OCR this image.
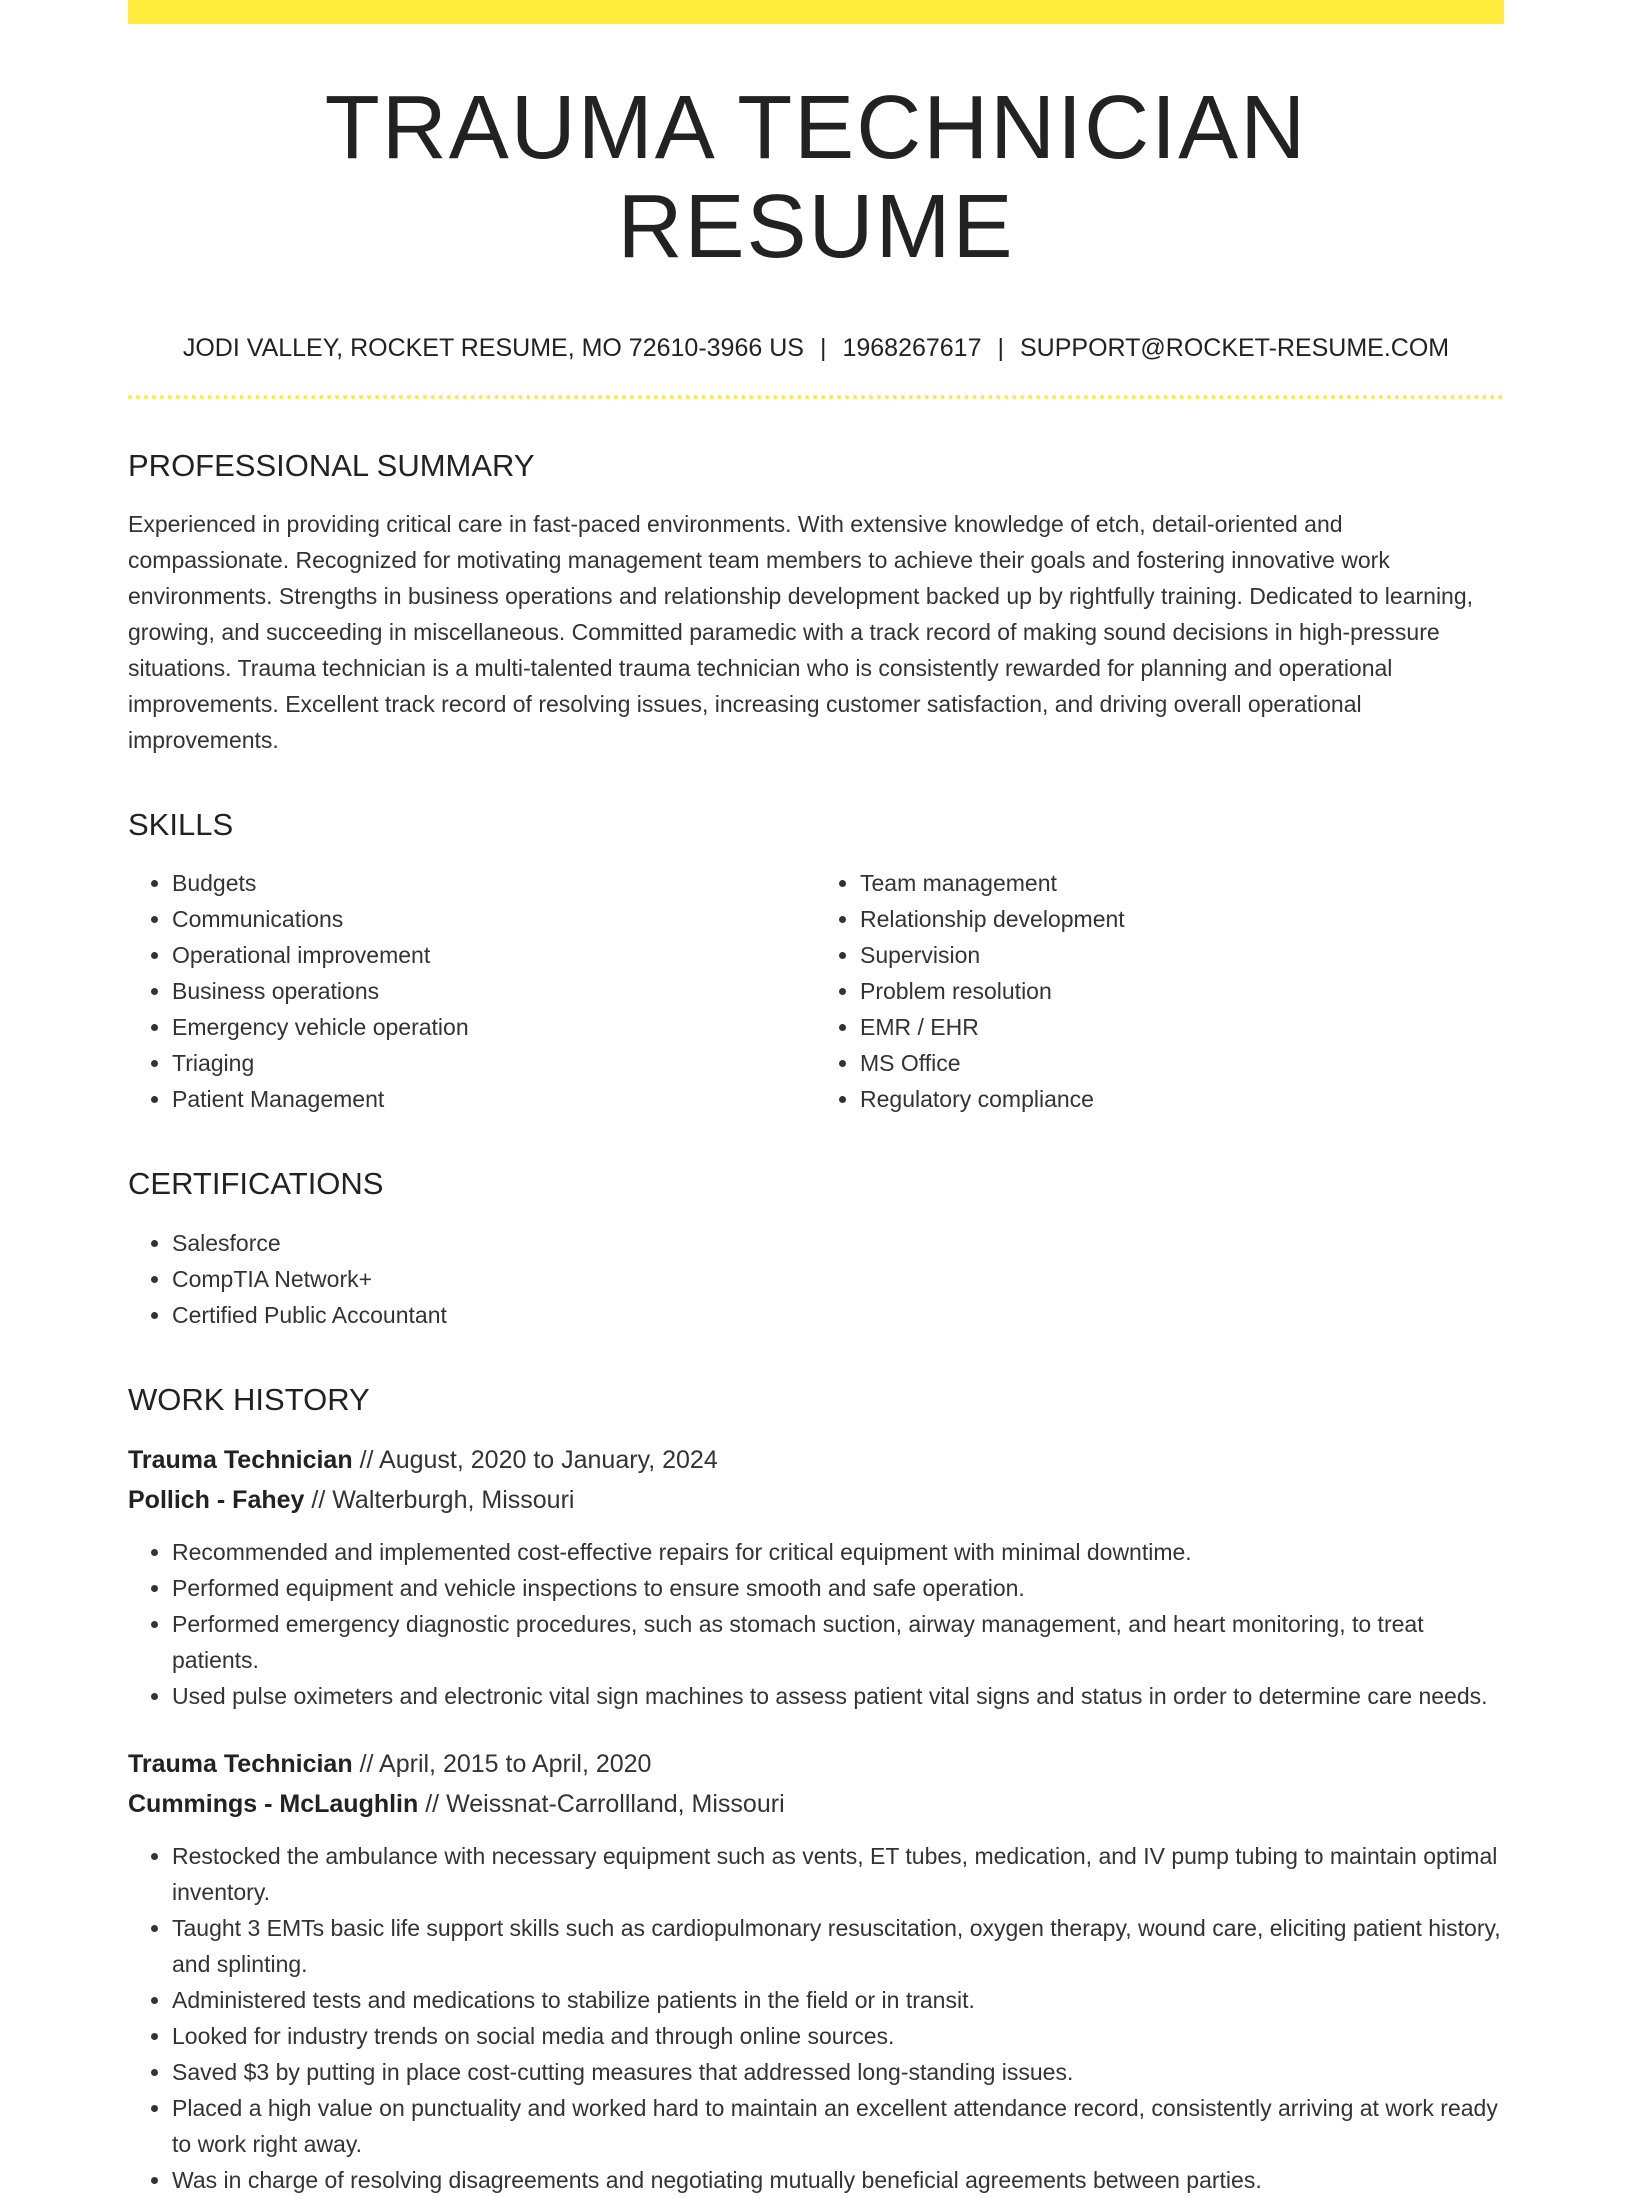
TRAUMA TECHNICIAN RESUME
JODI VALLEY, ROCKET RESUME, MO 72610-3966 US | 1968267617 | SUPPORT@ROCKET-RESUME.COM
PROFESSIONAL SUMMARY

Experienced in providing critical care in fast-paced environments. With extensive knowledge of etch, detail-oriented and compassionate. Recognized for motivating management team members to achieve their goals and fostering innovative work environments. Strengths in business operations and relationship development backed up by rightfully training. Dedicated to learning, growing, and succeeding in miscellaneous. Committed paramedic with a track record of making sound decisions in high-pressure situations. Trauma technician is a multi-talented trauma technician who is consistently rewarded for planning and operational improvements. Excellent track record of resolving issues, increasing customer satisfaction, and driving overall operational improvements.

SKILLS
• Budgets
• Communications
• Operational improvement
• Business operations
• Emergency vehicle operation
• Triaging
• Patient Management
• Team management
• Relationship development
• Supervision
• Problem resolution
• EMR / EHR
• MS Office
• Regulatory compliance
CERTIFICATIONS
• Salesforce
• CompTIA Network+
• Certified Public Accountant
WORK HISTORY
Trauma Technician // August, 2020 to January, 2024
Pollich - Fahey // Walterburgh, Missouri
• Recommended and implemented cost-effective repairs for critical equipment with minimal downtime.
• Performed equipment and vehicle inspections to ensure smooth and safe operation.
• Performed emergency diagnostic procedures, such as stomach suction, airway management, and heart monitoring, to treat patients.
• Used pulse oximeters and electronic vital sign machines to assess patient vital signs and status in order to determine care needs.
Trauma Technician // April, 2015 to April, 2020
Cummings - McLaughlin // Weissnat-Carrollland, Missouri
• Restocked the ambulance with necessary equipment such as vents, ET tubes, medication, and IV pump tubing to maintain optimal inventory.
• Taught 3 EMTs basic life support skills such as cardiopulmonary resuscitation, oxygen therapy, wound care, eliciting patient history, and splinting.
• Administered tests and medications to stabilize patients in the field or in transit.
• Looked for industry trends on social media and through online sources.
• Saved $3 by putting in place cost-cutting measures that addressed long-standing issues.
• Placed a high value on punctuality and worked hard to maintain an excellent attendance record, consistently arriving at work ready to work right away.
• Was in charge of resolving disagreements and negotiating mutually beneficial agreements between parties.
